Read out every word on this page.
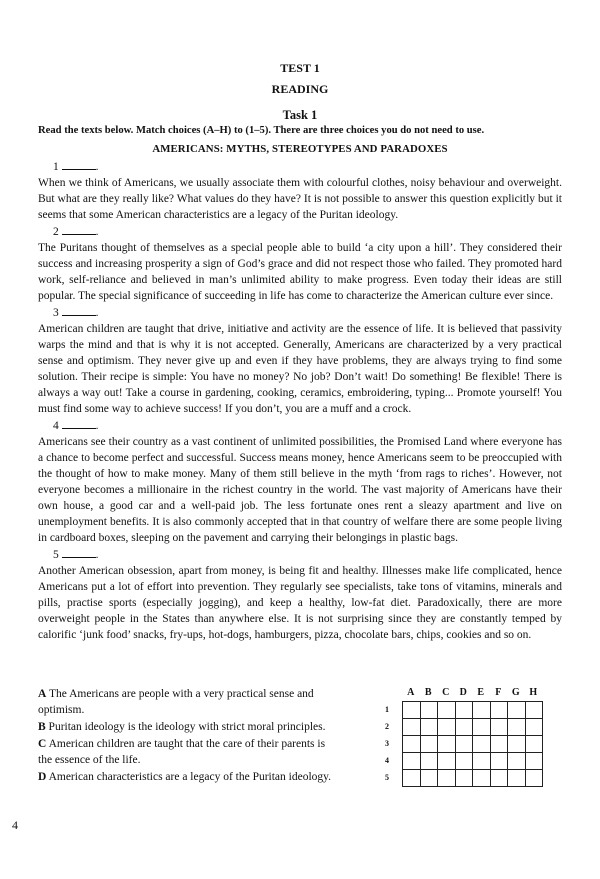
TEST 1
READING
Task 1
Read the texts below. Match choices (A–H) to (1–5). There are three choices you do not need to use.
AMERICANS: MYTHS, STEREOTYPES AND PARADOXES
1	.

When we think of Americans, we usually associate them with colourful clothes, noisy behaviour and overweight. But what are they really like? What values do they have? It is not possible to answer this question explicitly but it seems that some American characteristics are a legacy of the Puritan ideology.

2	.

The Puritans thought of themselves as a special people able to build ‘a city upon a hill’. They considered their success and increasing prosperity a sign of God’s grace and did not respect those who failed. They promoted hard work, self-reliance and believed in man’s unlimited ability to make progress. Even today their ideas are still popular. The special significance of succeeding in life has come to characterize the American culture ever since.

3	.

American children are taught that drive, initiative and activity are the essence of life. It is believed that passivity warps the mind and that is why it is not accepted. Generally, Americans are characterized by a very practical sense and optimism. They never give up and even if they have problems, they are always trying to find some solution. Their recipe is simple: You have no money? No job? Don’t wait! Do something! Be flexible! There is always a way out! Take a course in gardening, cooking, ceramics, embroidering, typing... Promote yourself! You must find some way to achieve success! If you don’t, you are a muff and a crock.

4	.

Americans see their country as a vast continent of unlimited possibilities, the Promised Land where everyone has a chance to become perfect and successful. Success means money, hence Americans seem to be preoccupied with the thought of how to make money. Many of them still believe in the myth ‘from rags to riches’. However, not everyone becomes a millionaire in the richest country in the world. The vast majority of Americans have their own house, a good car and a well-paid job. The less fortunate ones rent a sleazy apartment and live on unemployment benefits. It is also commonly accepted that in that country of welfare there are some people living in cardboard boxes, sleeping on the pavement and carrying their belongings in plastic bags.

5	.

Another American obsession, apart from money, is being fit and healthy. Illnesses make life complicated, hence Americans put a lot of effort into prevention. They regularly see specialists, take tons of vitamins, minerals and pills, practise sports (especially jogging), and keep a healthy, low-fat diet. Paradoxically, there are more overweight people in the States than anywhere else. It is not surprising since they are constantly temped by calorific ‘junk food’ snacks, fry-ups, hot-dogs, hamburgers, pizza, chocolate bars, chips, cookies and so on.

A The Americans are people with a very practical sense and optimism.
B Puritan ideology is the ideology with strict moral principles.
C American children are taught that the care of their parents is the essence of the life.
D American characteristics are a legacy of the Puritan ideology.
A	B	C	D	E	F	G H
1
2
3
4
5

4
